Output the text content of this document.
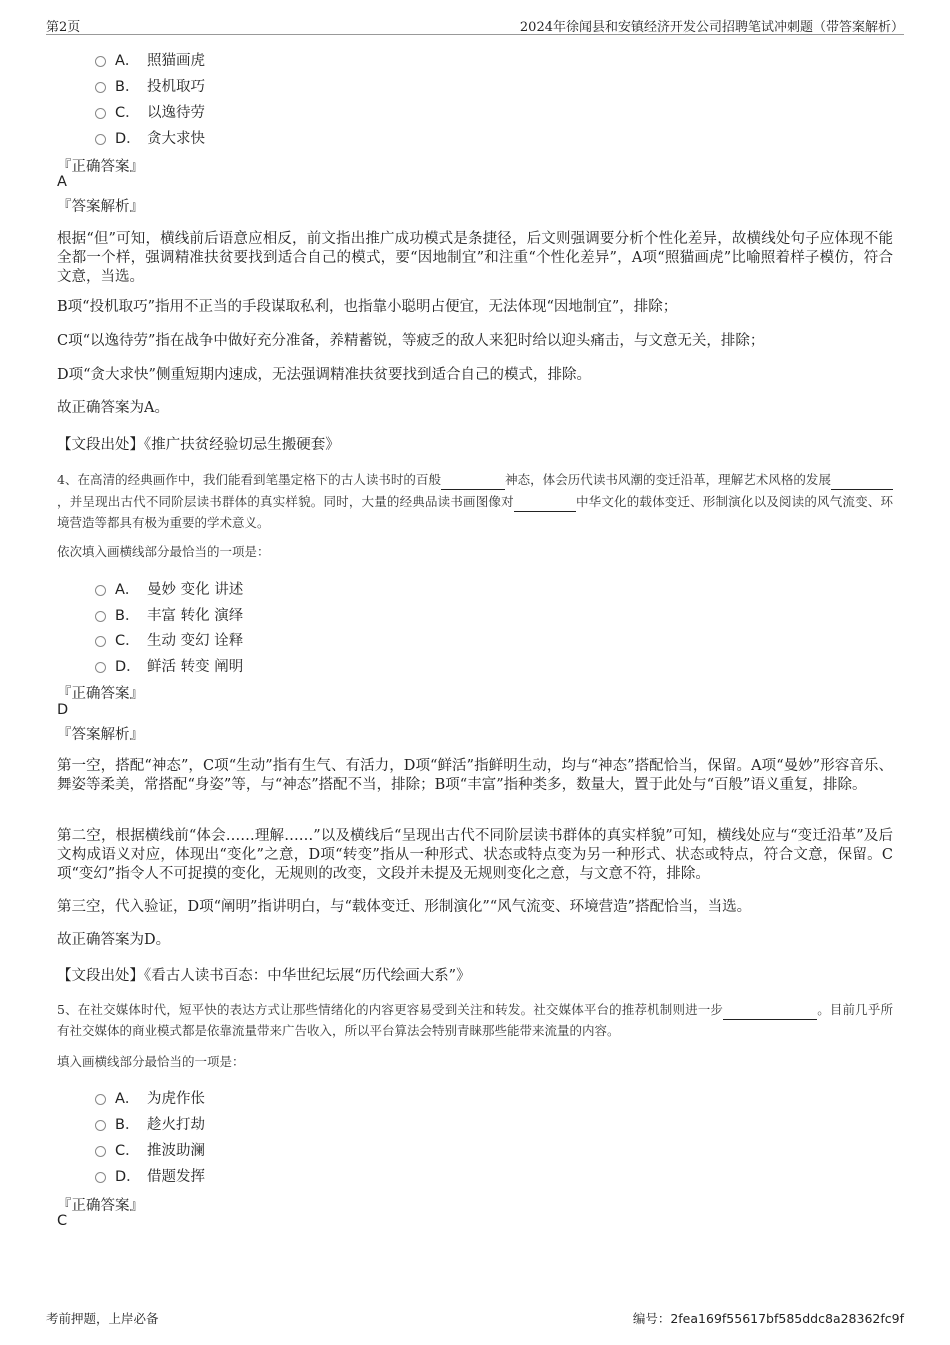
第2页	2024年徐闻县和安镇经济开发公司招聘笔试冲刺题（带答案解析）
A． 照猫画虎
B． 投机取巧
C． 以逸待劳
D． 贪大求快
『正确答案』
A
『答案解析』
根据“但”可知，横线前后语意应相反，前文指出推广成功模式是条捷径，后文则强调要分析个性化差异，故横线处句子应体现不能全都一个样，强调精准扶贫要找到适合自己的模式，要“因地制宜”和注重“个性化差异”，A项“照猫画虎”比喻照着样子模仿，符合文意，当选。
B项“投机取巧”指用不正当的手段谋取私利，也指靠小聪明占便宜，无法体现“因地制宜”，排除；
C项“以逸待劳”指在战争中做好充分准备，养精蓄锐，等疲乏的敌人来犯时给以迎头痛击，与文意无关，排除；
D项“贪大求快”侧重短期内速成，无法强调精准扶贫要找到适合自己的模式，排除。
故正确答案为A。
【文段出处】《推广扶贫经验切忌生搬硬套》
4、在高清的经典画作中，我们能看到笔墨定格下的古人读书时的百般	神态，体会历代读书风潮的变迁沿革，理解艺术风格的发展 ，并呈现出古代不同阶层读书群体的真实样貌。同时，大量的经典品读书画图像对	中华文化的载体变迁、形制演化以及阅读的风气流变、环境营造等都具有极为重要的学术意义。
依次填入画横线部分最恰当的一项是：
A． 曼妙 变化 讲述
B． 丰富 转化 演绎
C． 生动 变幻 诠释
D． 鲜活 转变 阐明
『正确答案』
D
『答案解析』
第一空，搭配“神态”，C项“生动”指有生气、有活力，D项“鲜活”指鲜明生动，均与“神态”搭配恰当，保留。A项“曼妙”形容音乐、舞姿等柔美，常搭配“身姿”等，与“神态”搭配不当，排除；B项“丰富”指种类多，数量大，置于此处与“百般”语义重复，排除。
第二空，根据横线前“体会……理解……”以及横线后“呈现出古代不同阶层读书群体的真实样貌”可知，横线处应与“变迁沿革”及后文构成语义对应，体现出“变化”之意，D项“转变”指从一种形式、状态或特点变为另一种形式、状态或特点，符合文意，保留。C项“变幻”指令人不可捉摸的变化，无规则的改变，文段并未提及无规则变化之意，与文意不符，排除。
第三空，代入验证，D项“阐明”指讲明白，与“载体变迁、形制演化”“风气流变、环境营造”搭配恰当，当选。
故正确答案为D。
【文段出处】《看古人读书百态：中华世纪坛展“历代绘画大系”》
5、在社交媒体时代，短平快的表达方式让那些情绪化的内容更容易受到关注和转发。社交媒体平台的推荐机制则进一步	。目前几乎所有社交媒体的商业模式都是依靠流量带来广告收入，所以平台算法会特别青睐那些能带来流量的内容。
填入画横线部分最恰当的一项是：
A． 为虎作伥
B． 趁火打劫
C． 推波助澜
D． 借题发挥
『正确答案』
C
考前押题，上岸必备	编号：2fea169f55617bf585ddc8a28362fc9f
